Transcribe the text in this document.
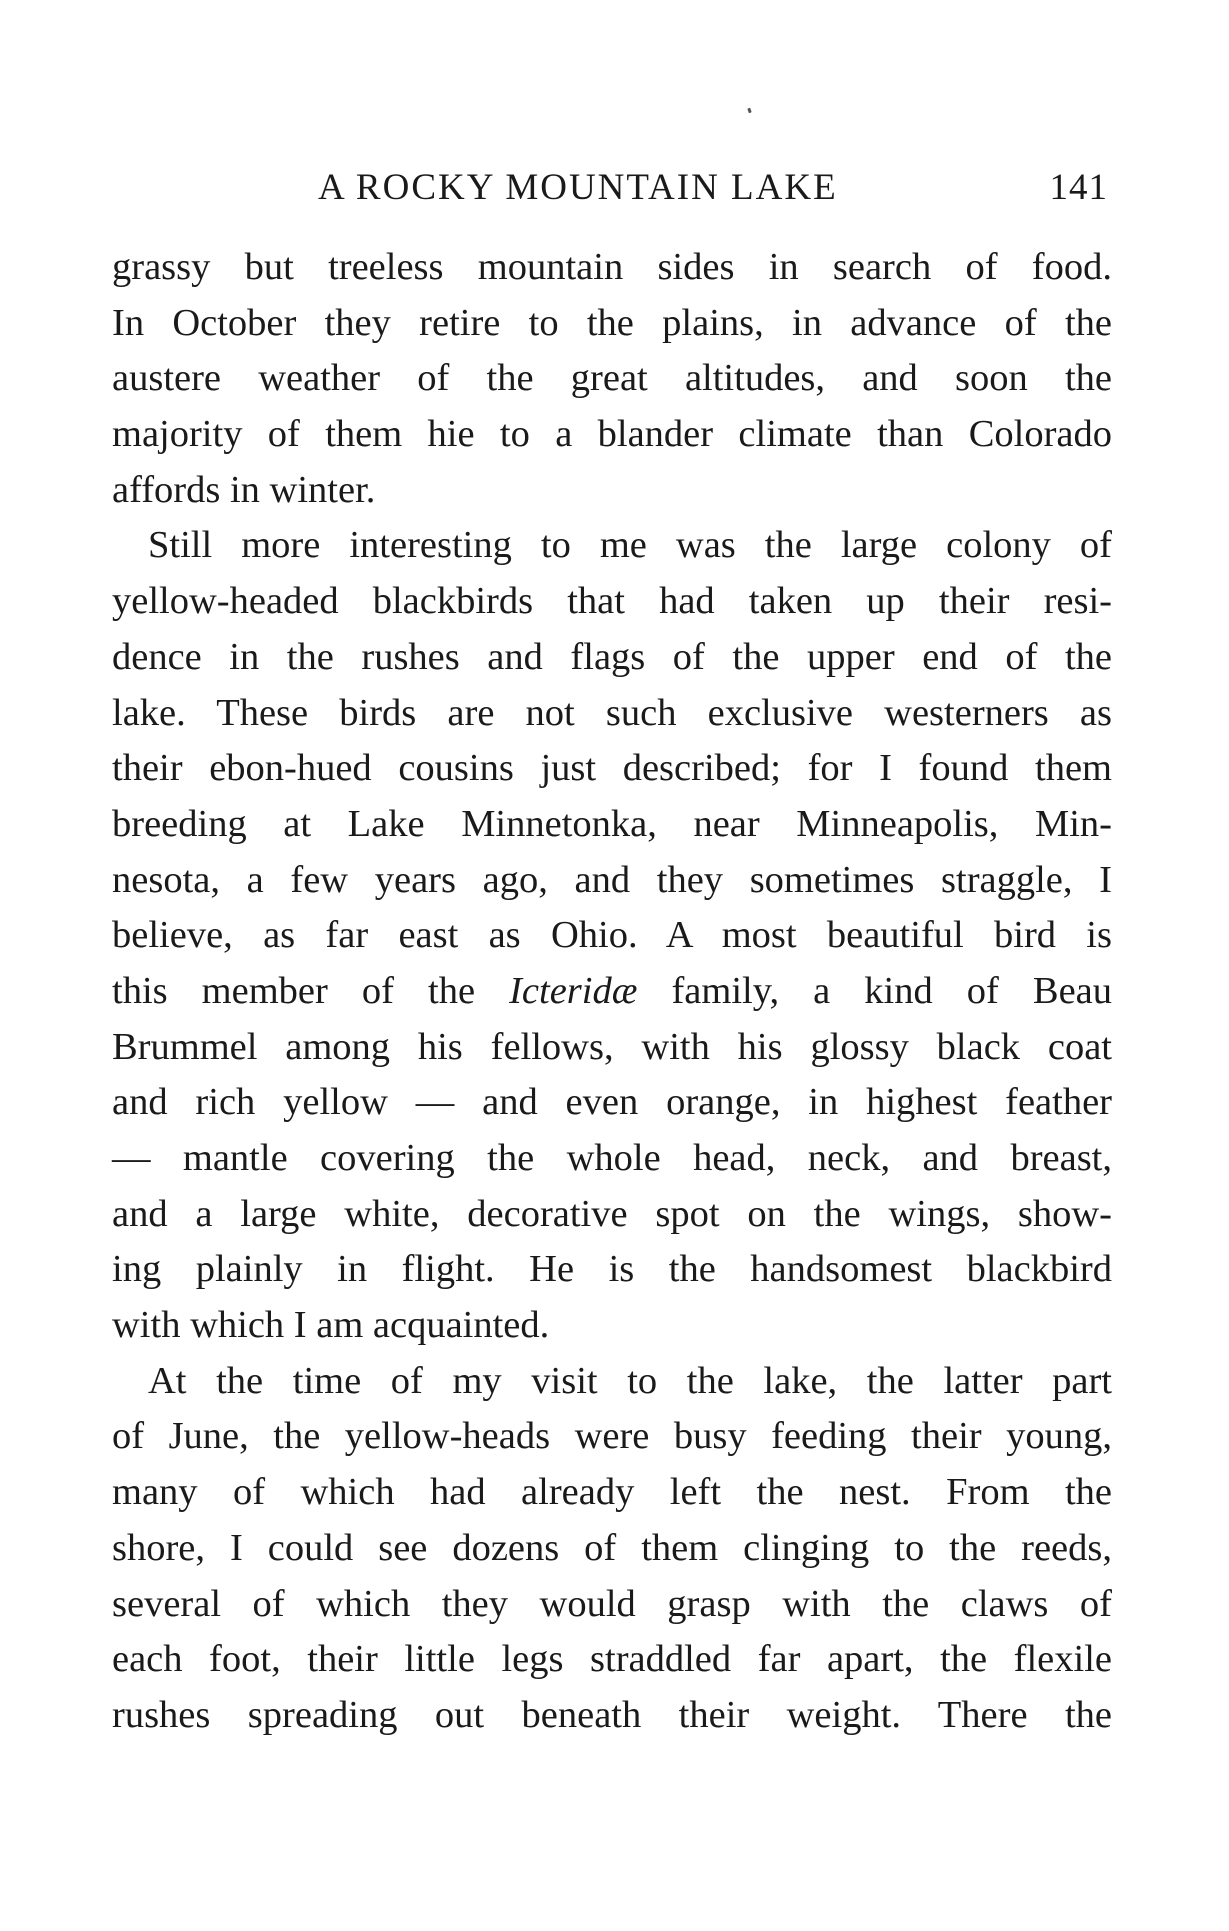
A ROCKY MOUNTAIN LAKE	141
grassy but treeless mountain sides in search of food.
In October they retire to the plains, in advance of the
austere weather of the great altitudes, and soon the
majority of them hie to a blander climate than Colorado
affords in winter.
Still more interesting to me was the large colony of
yellow-headed blackbirds that had taken up their resi-
dence in the rushes and flags of the upper end of the
lake. These birds are not such exclusive westerners as
their ebon-hued cousins just described; for I found them
breeding at Lake Minnetonka, near Minneapolis, Min-
nesota, a few years ago, and they sometimes straggle, I
believe, as far east as Ohio. A most beautiful bird is
this member of the Icteridæ family, a kind of Beau
Brummel among his fellows, with his glossy black coat
and rich yellow — and even orange, in highest feather
— mantle covering the whole head, neck, and breast,
and a large white, decorative spot on the wings, show-
ing plainly in flight. He is the handsomest blackbird
with which I am acquainted.
At the time of my visit to the lake, the latter part
of June, the yellow-heads were busy feeding their young,
many of which had already left the nest. From the
shore, I could see dozens of them clinging to the reeds,
several of which they would grasp with the claws of
each foot, their little legs straddled far apart, the flexile
rushes spreading out beneath their weight. There the
